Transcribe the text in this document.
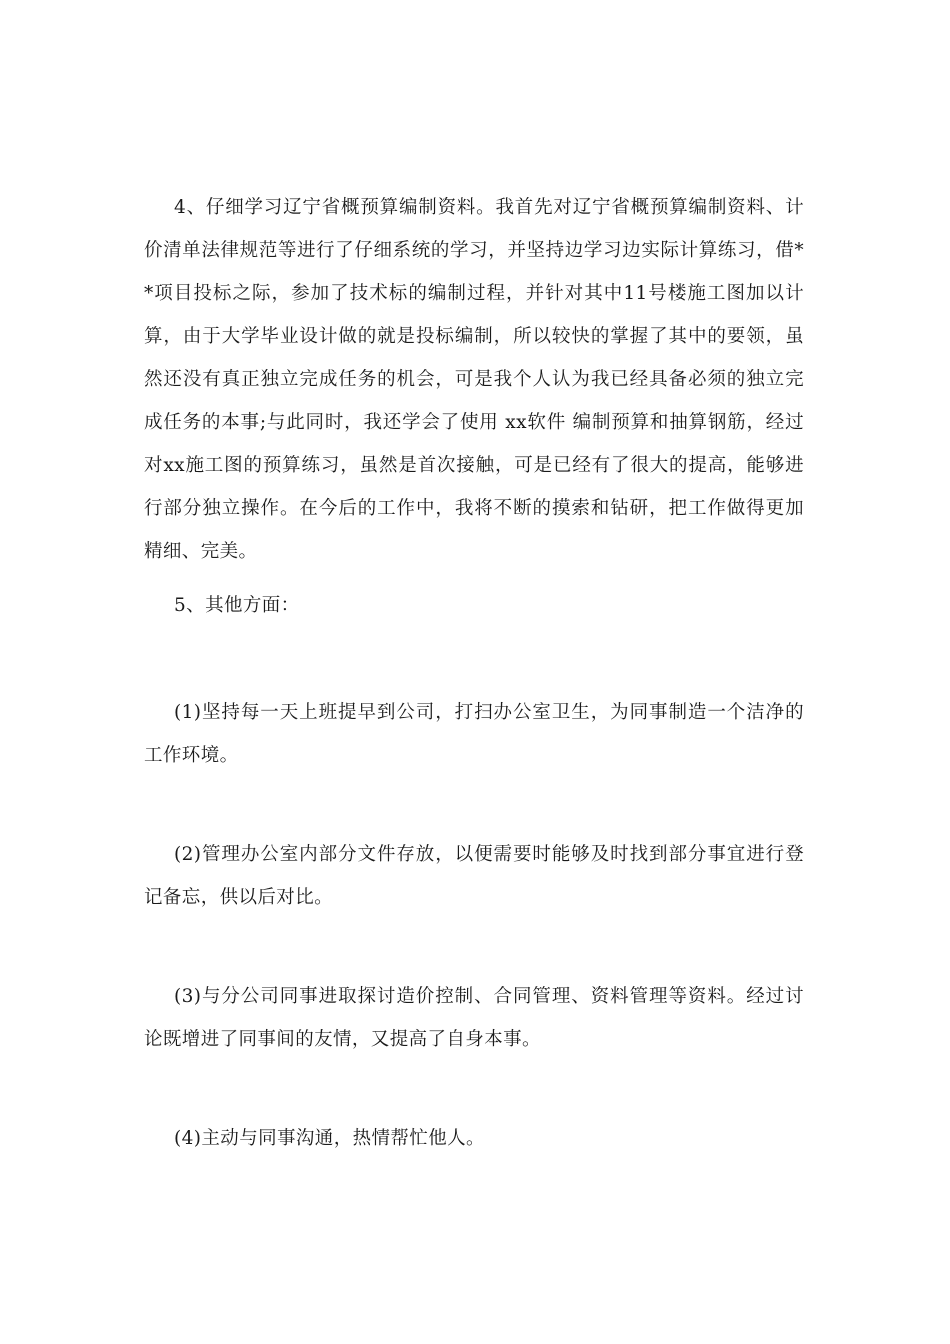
4、仔细学习辽宁省概预算编制资料。我首先对辽宁省概预算编制资料、计价清单法律规范等进行了仔细系统的学习，并坚持边学习边实际计算练习，借**项目投标之际，参加了技术标的编制过程，并针对其中11号楼施工图加以计算，由于大学毕业设计做的就是投标编制，所以较快的掌握了其中的要领，虽然还没有真正独立完成任务的机会，可是我个人认为我已经具备必须的独立完成任务的本事;与此同时，我还学会了使用 xx软件 编制预算和抽算钢筋，经过对xx施工图的预算练习，虽然是首次接触，可是已经有了很大的提高，能够进行部分独立操作。在今后的工作中，我将不断的摸索和钻研，把工作做得更加精细、完美。

5、其他方面：

(1)坚持每一天上班提早到公司，打扫办公室卫生，为同事制造一个洁净的工作环境。

(2)管理办公室内部分文件存放，以便需要时能够及时找到部分事宜进行登记备忘，供以后对比。

(3)与分公司同事进取探讨造价控制、合同管理、资料管理等资料。经过讨论既增进了同事间的友情，又提高了自身本事。

(4)主动与同事沟通，热情帮忙他人。
